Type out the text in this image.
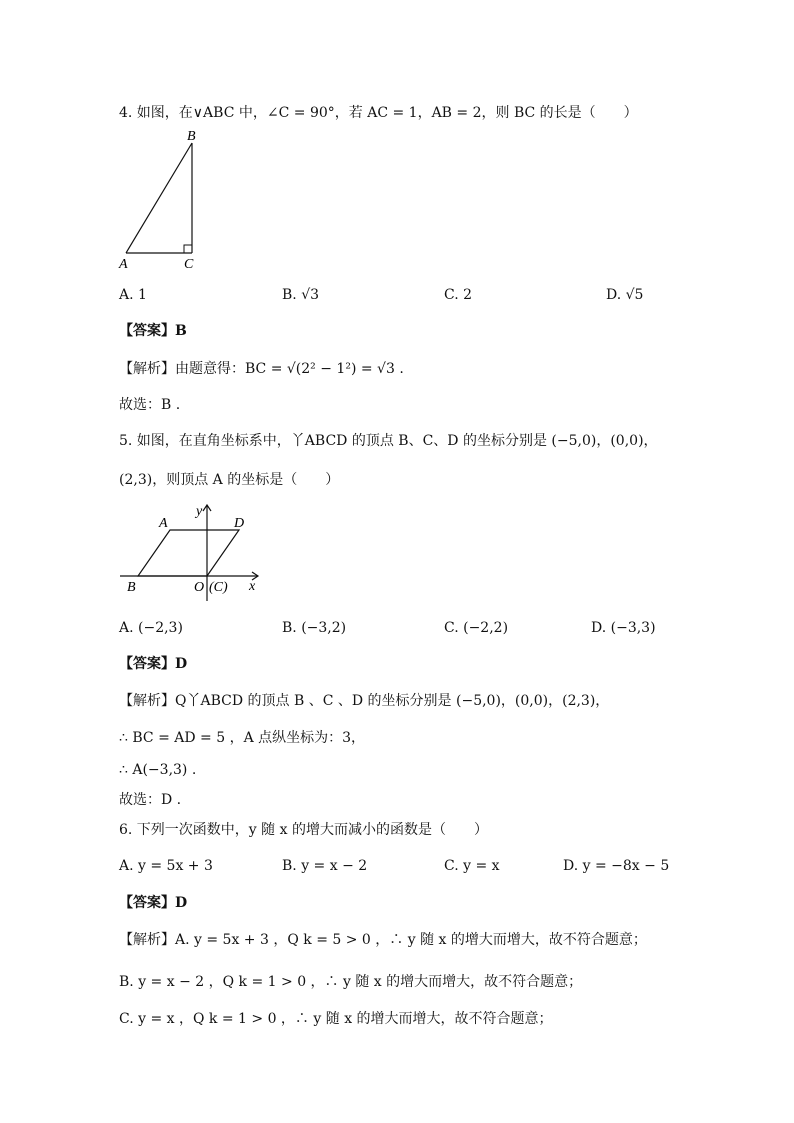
4. 如图，在∨ABC 中，∠C = 90°，若 AC = 1，AB = 2，则 BC 的长是（　　）
B
A	C
A. 1	B. √3	C. 2	D. √5
【答案】B
【解析】由题意得：BC = √(2² − 1²) = √3 .
故选：B .
5. 如图，在直角坐标系中，丫ABCD 的顶点 B、C、D 的坐标分别是 (−5,0)，(0,0)，
(2,3)，则顶点 A 的坐标是（　　）
y
x
A	D
B	O (C)
A. (−2,3)	B. (−3,2)	C. (−2,2)	D. (−3,3)
【答案】D
【解析】Q丫ABCD 的顶点 B 、C 、D 的坐标分别是 (−5,0)，(0,0)，(2,3)，
∴ BC = AD = 5 ，A 点纵坐标为：3，
∴ A(−3,3) .
故选：D .
6. 下列一次函数中，y 随 x 的增大而减小的函数是（　　）
A. y = 5x + 3	B. y = x − 2	C. y = x	D. y = −8x − 5
【答案】D
【解析】A. y = 5x + 3 ，Q k = 5 > 0 ，∴ y 随 x 的增大而增大，故不符合题意；
B. y = x − 2 ，Q k = 1 > 0 ，∴ y 随 x 的增大而增大，故不符合题意；
C. y = x ，Q k = 1 > 0 ，∴ y 随 x 的增大而增大，故不符合题意；
